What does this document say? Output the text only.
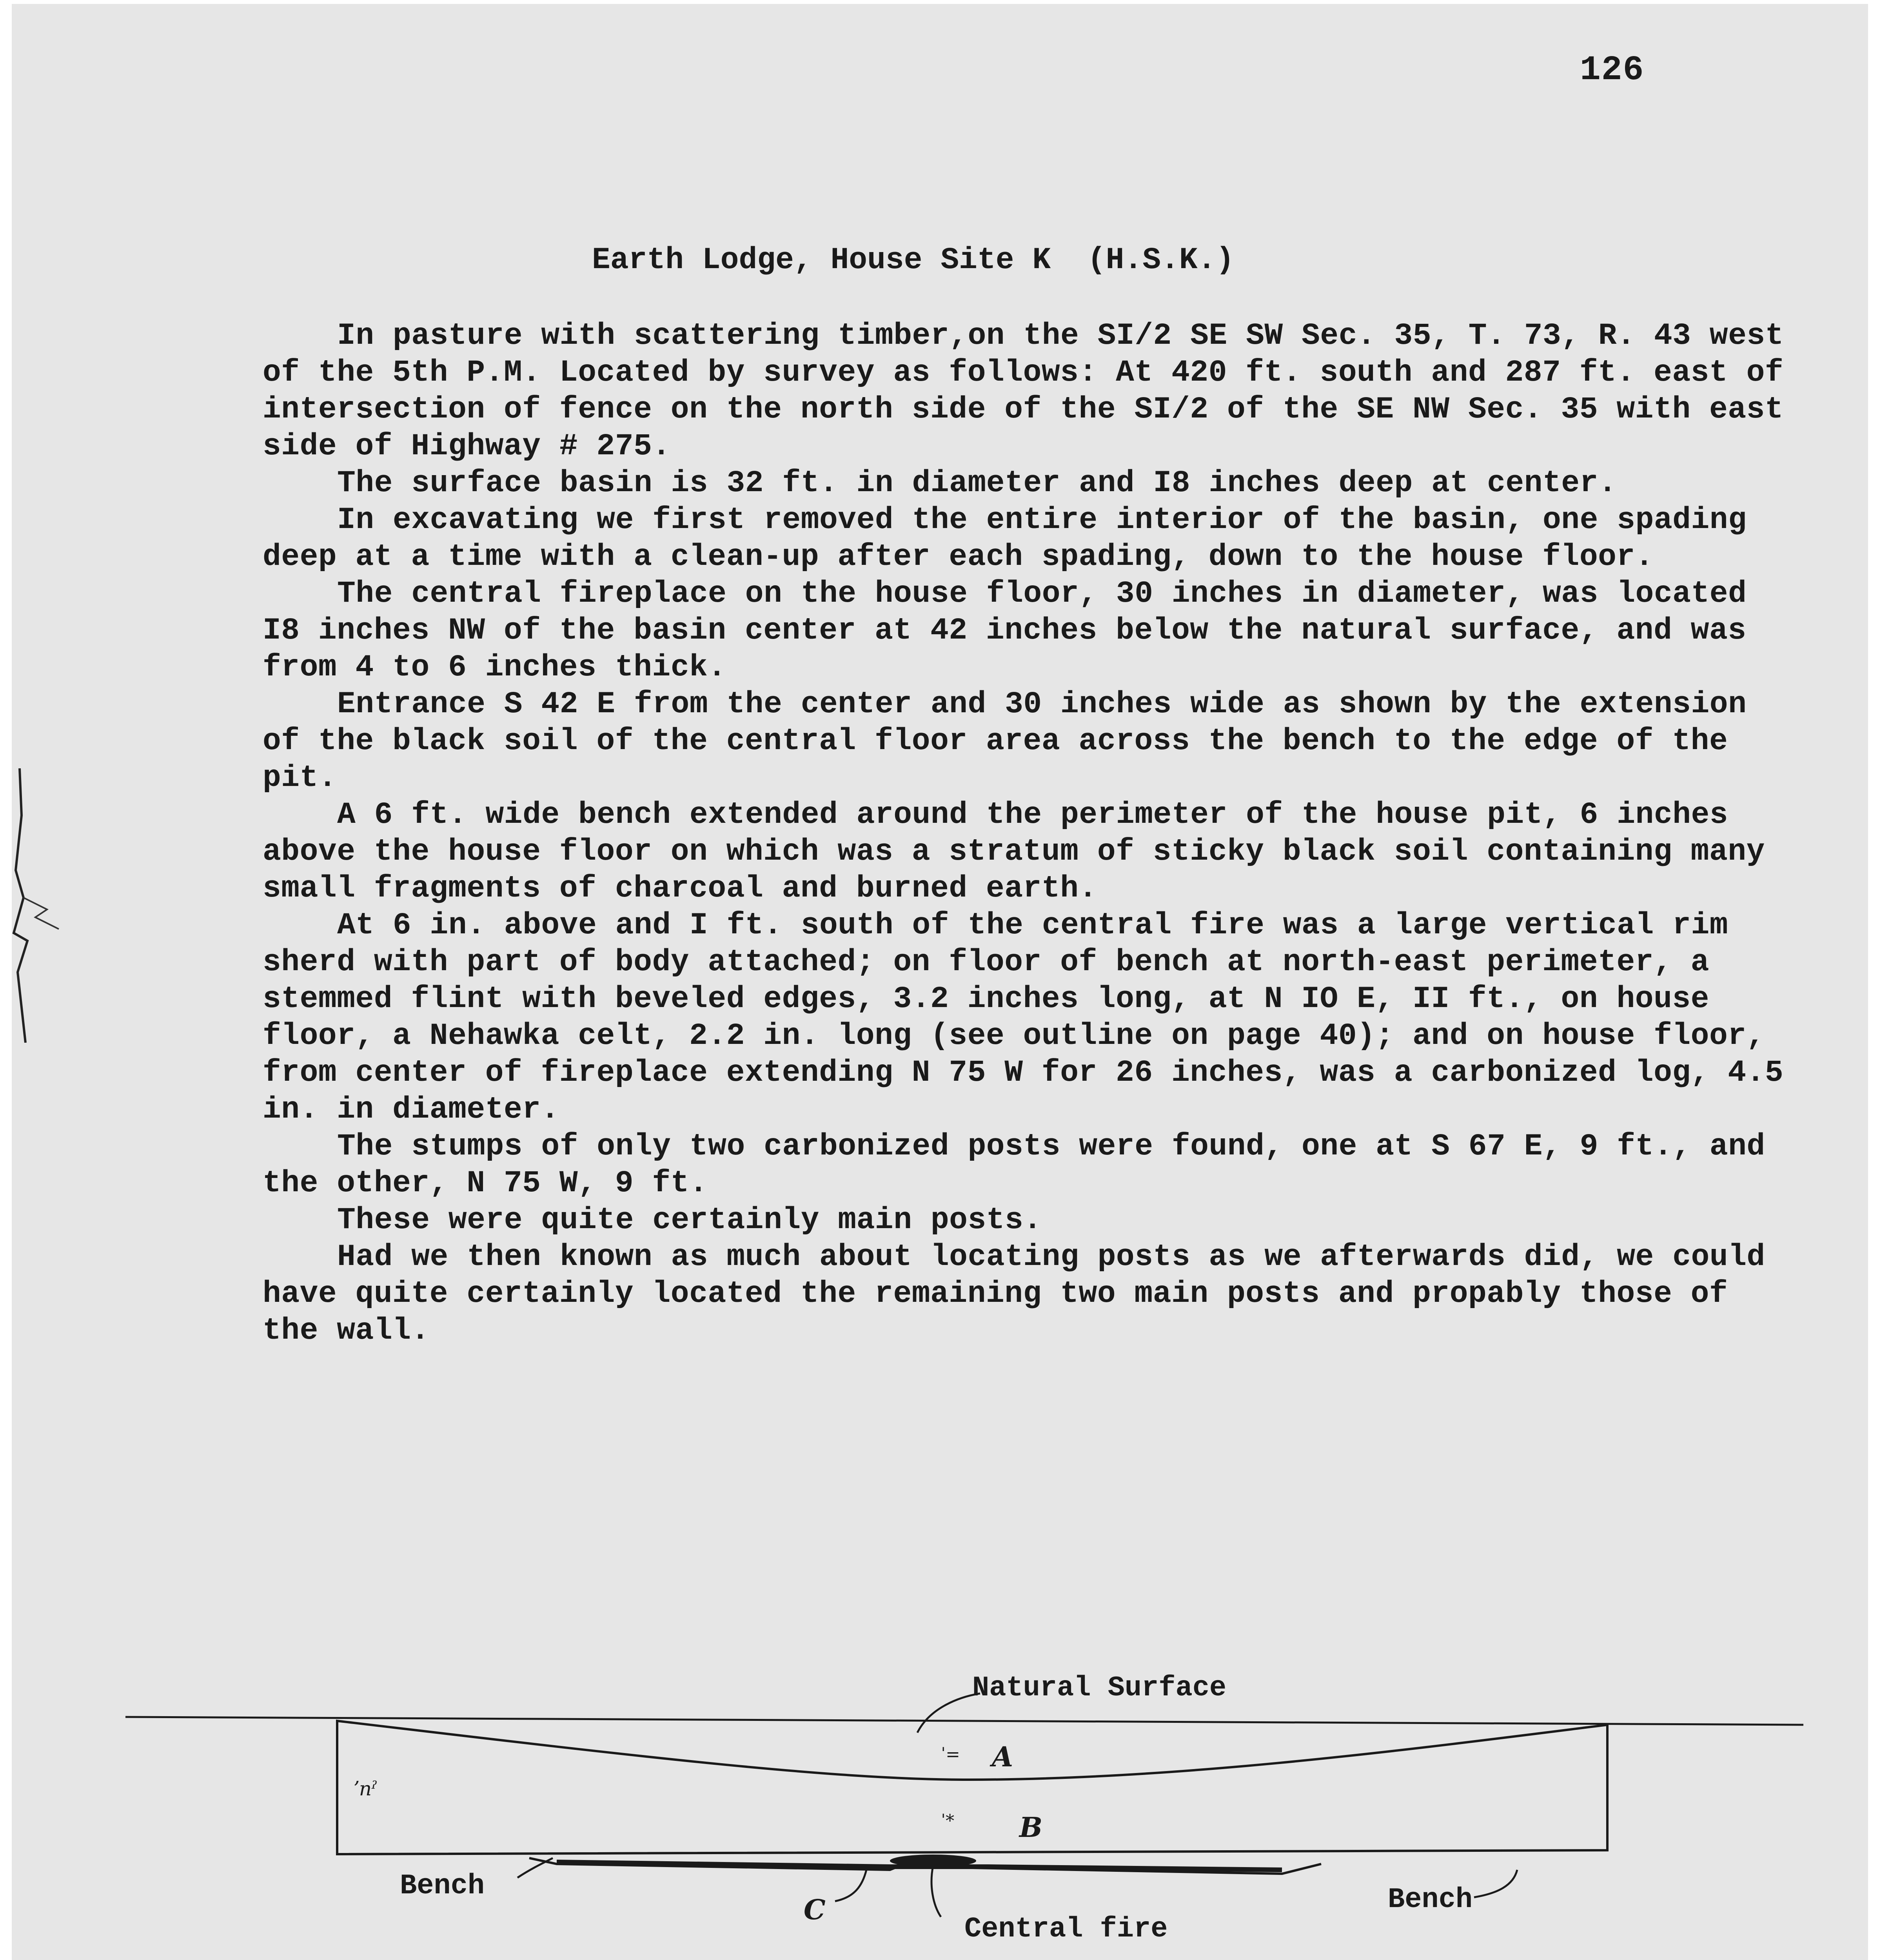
126
Earth Lodge, House Site K  (H.S.K.)

In pasture with scattering timber,on the SI/2 SE SW Sec. 35, T. 73, R. 43 west of the 5th P.M. Located by survey as follows: At 420 ft. south and 287 ft. east of intersection of fence on the north side of the SI/2 of the SE NW Sec. 35 with east side of Highway # 275.

The surface basin is 32 ft. in diameter and I8 inches deep at center.

In excavating we first removed the entire interior of the basin, one spading deep at a time with a clean-up after each spading, down to the house floor.

The central fireplace on the house floor, 30 inches in diameter, was located I8 inches NW of the basin center at 42 inches below the natural surface, and was from 4 to 6 inches thick.

Entrance S 42 E from the center and 30 inches wide as shown by the extension of the black soil of the central floor area across the bench to the edge of the pit.

A 6 ft. wide bench extended around the perimeter of the house pit, 6 inches above the house floor on which was a stratum of sticky black soil containing many small fragments of charcoal and burned earth.

At 6 in. above and I ft. south of the central fire was a large vertical rim sherd with part of body attached; on floor of bench at north-east perimeter, a stemmed flint with beveled edges, 3.2 inches long, at N IO E, II ft., on house floor, a Nehawka celt, 2.2 in. long (see outline on page 40); and on house floor, from center of fireplace extending N 75 W for 26 inches, was a carbonized log, 4.5 in. in diameter.

The stumps of only two carbonized posts were found, one at S 67 E, 9 ft., and the other, N 75 W, 9 ft.

These were quite certainly main posts.

Had we then known as much about locating posts as we afterwards did, we could have quite certainly located the remaining two main posts and propably those of the wall.

ʼnˀ
ˈ=
ˈ*
Natural Surface
A
B
C
Bench	Bench
Central fire
